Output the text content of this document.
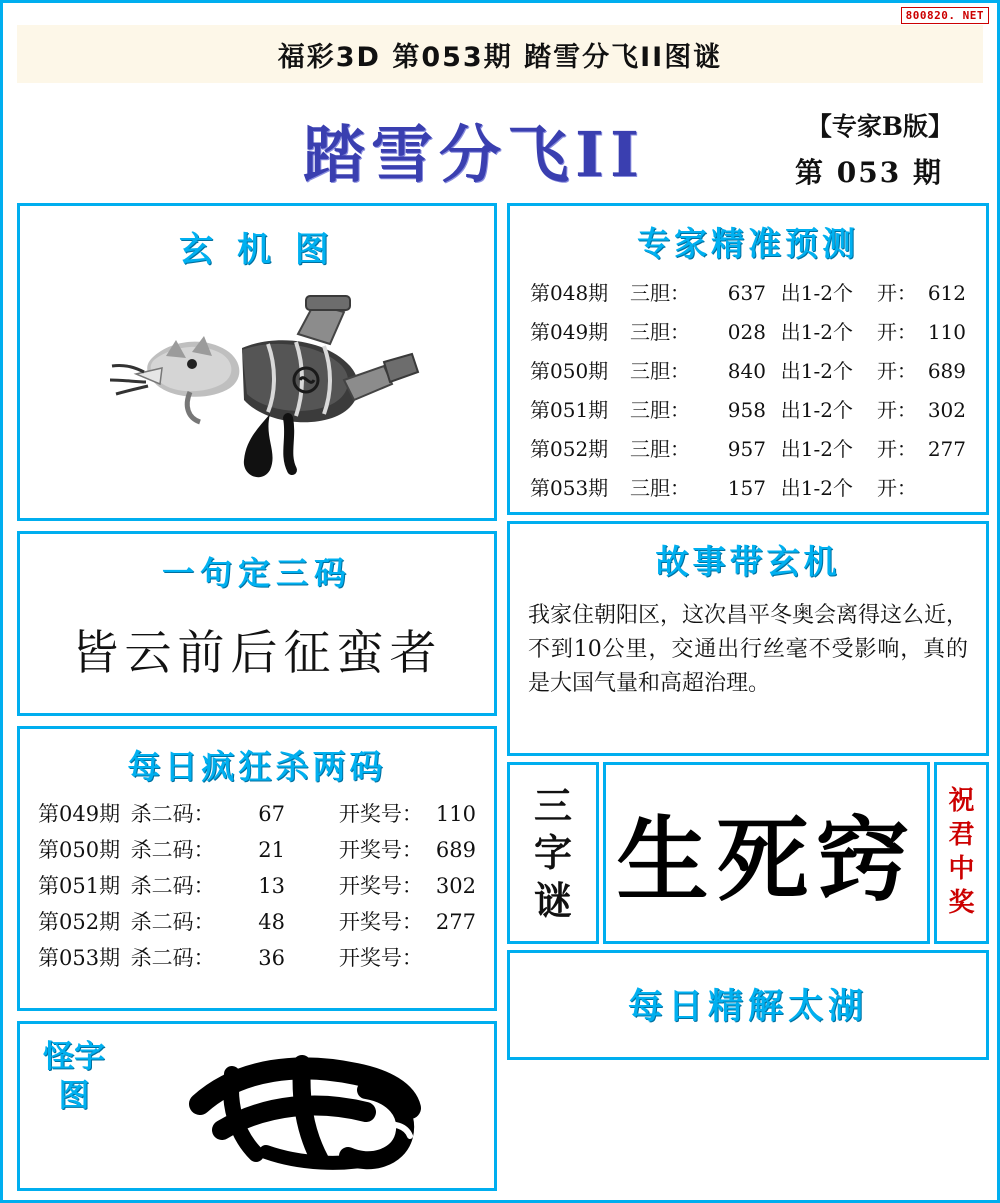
800820. NET
福彩3D 第053期 踏雪分飞II图谜
踏雪分飞II	【专家B版】
第 053 期
玄 机 图
一句定三码
皆云前后征蛮者
每日疯狂杀两码
第049期 杀二码：	67	开奖号： 110
第050期 杀二码：	21	开奖号： 689
第051期 杀二码：	13	开奖号： 302
第052期 杀二码：	48	开奖号： 277
第053期 杀二码：	36	开奖号：
怪字图
专家精准预测
第048期	三胆：	637 出1-2个	开： 612
第049期	三胆：	028 出1-2个	开： 110
第050期	三胆：	840 出1-2个	开： 689
第051期	三胆：	958 出1-2个	开： 302
第052期	三胆：	957 出1-2个	开： 277
第053期	三胆：	157 出1-2个	开：
故事带玄机
我家住朝阳区，这次昌平冬奥会离得这么近，不到10公里，交通出行丝毫不受影响，真的是大国气量和高超治理。
三
字
谜 生死窍
祝
君
中
奖
每日精解太湖
